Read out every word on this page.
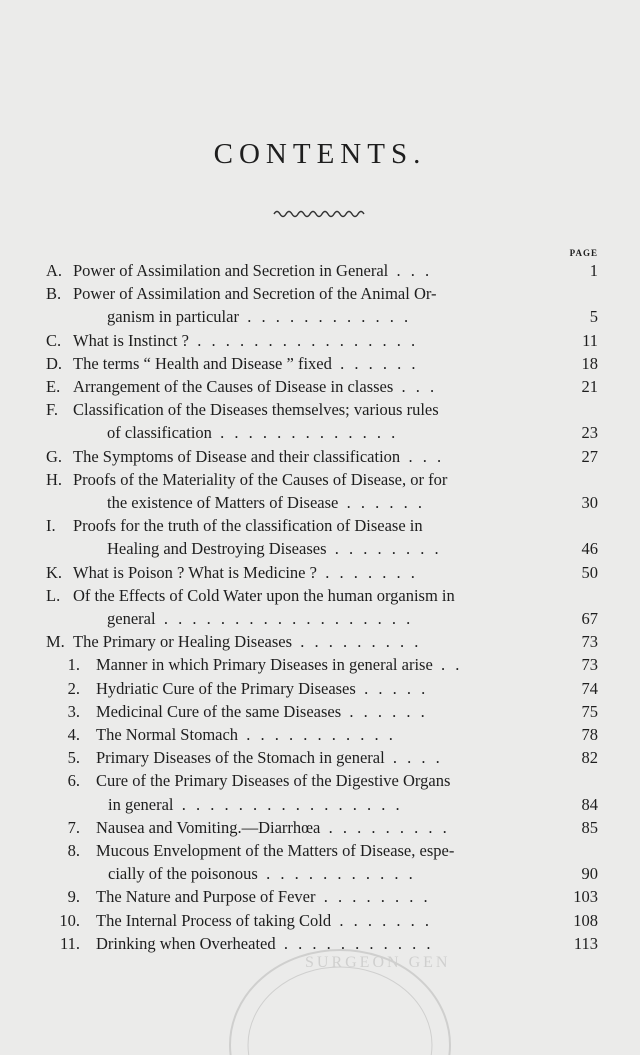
CONTENTS.
PAGE
A. Power of Assimilation and Secretion in General . . .	1
B. Power of Assimilation and Secretion of the Animal Or-
ganism in particular . . . . . . . . . . . .	5
C. What is Instinct ? . . . . . . . . . . . . . . . .	11
D. The terms “ Health and Disease ” fixed . . . . . .	18
E. Arrangement of the Causes of Disease in classes . . .	21
F. Classification of the Diseases themselves; various rules
of classification . . . . . . . . . . . . .	23
G. The Symptoms of Disease and their classification . . .	27
H. Proofs of the Materiality of the Causes of Disease, or for
the existence of Matters of Disease . . . . . .	30
I. Proofs for the truth of the classification of Disease in
Healing and Destroying Diseases . . . . . . . .	46
K. What is Poison ? What is Medicine ? . . . . . . .	50
L. Of the Effects of Cold Water upon the human organism in
general . . . . . . . . . . . . . . . . . .	67
M. The Primary or Healing Diseases . . . . . . . . .	73
1. Manner in which Primary Diseases in general arise . .	73
2. Hydriatic Cure of the Primary Diseases . . . . .	74
3. Medicinal Cure of the same Diseases . . . . . .	75
4. The Normal Stomach . . . . . . . . . . .	78
5. Primary Diseases of the Stomach in general . . . .	82
6. Cure of the Primary Diseases of the Digestive Organs
in general . . . . . . . . . . . . . . . .	84
7. Nausea and Vomiting.—Diarrhœa . . . . . . . . .	85
8. Mucous Envelopment of the Matters of Disease, espe-
cially of the poisonous . . . . . . . . . . .	90
9. The Nature and Purpose of Fever . . . . . . . .	103
10. The Internal Process of taking Cold . . . . . . .	108
11. Drinking when Overheated . . . . . . . . . . .	113
SURGEON GEN
